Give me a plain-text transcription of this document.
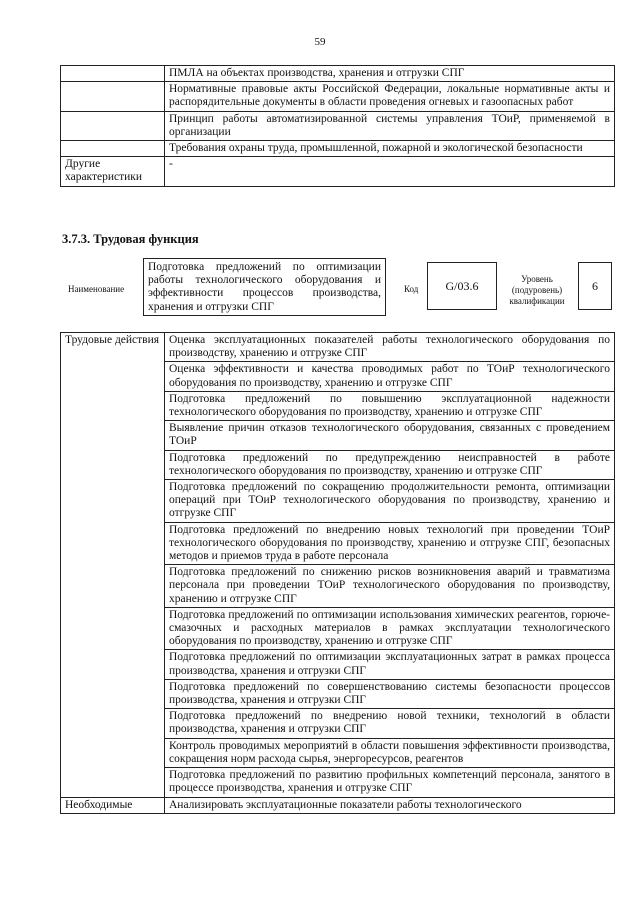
59
	ПМЛА на объектах производства, хранения и отгрузки СПГ
	Нормативные правовые акты Российской Федерации, локальные нормативные акты и распорядительные документы в области проведения огневых и газоопасных работ
	Принцип работы автоматизированной системы управления ТОиР, применяемой в организации
	Требования охраны труда, промышленной, пожарной и экологической безопасности
Другие характеристики	-
3.7.3. Трудовая функция
Наименование
Подготовка предложений по оптимизации работы технологического оборудования и эффективности процессов производства, хранения и отгрузки СПГ
Код	G/03.6	Уровень (подуровень) квалификации
6
Трудовые действия	Оценка эксплуатационных показателей работы технологического оборудования по производству, хранению и отгрузке СПГ
	Оценка эффективности и качества проводимых работ по ТОиР технологического оборудования по производству, хранению и отгрузке СПГ
	Подготовка предложений по повышению эксплуатационной надежности технологического оборудования по производству, хранению и отгрузке СПГ
	Выявление причин отказов технологического оборудования, связанных с проведением ТОиР
	Подготовка предложений по предупреждению неисправностей в работе технологического оборудования по производству, хранению и отгрузке СПГ
	Подготовка предложений по сокращению продолжительности ремонта, оптимизации операций при ТОиР технологического оборудования по производству, хранению и отгрузке СПГ
	Подготовка предложений по внедрению новых технологий при проведении ТОиР технологического оборудования по производству, хранению и отгрузке СПГ, безопасных методов и приемов труда в работе персонала
	Подготовка предложений по снижению рисков возникновения аварий и травматизма персонала при проведении ТОиР технологического оборудования по производству, хранению и отгрузке СПГ
	Подготовка предложений по оптимизации использования химических реагентов, горюче-смазочных и расходных материалов в рамках эксплуатации технологического оборудования по производству, хранению и отгрузке СПГ
	Подготовка предложений по оптимизации эксплуатационных затрат в рамках процесса производства, хранения и отгрузки СПГ
	Подготовка предложений по совершенствованию системы безопасности процессов производства, хранения и отгрузки СПГ
	Подготовка предложений по внедрению новой техники, технологий в области производства, хранения и отгрузки СПГ
	Контроль проводимых мероприятий в области повышения эффективности производства, сокращения норм расхода сырья, энергоресурсов, реагентов
	Подготовка предложений по развитию профильных компетенций персонала, занятого в процессе производства, хранения и отгрузке СПГ
Необходимые	Анализировать эксплуатационные показатели работы технологического
